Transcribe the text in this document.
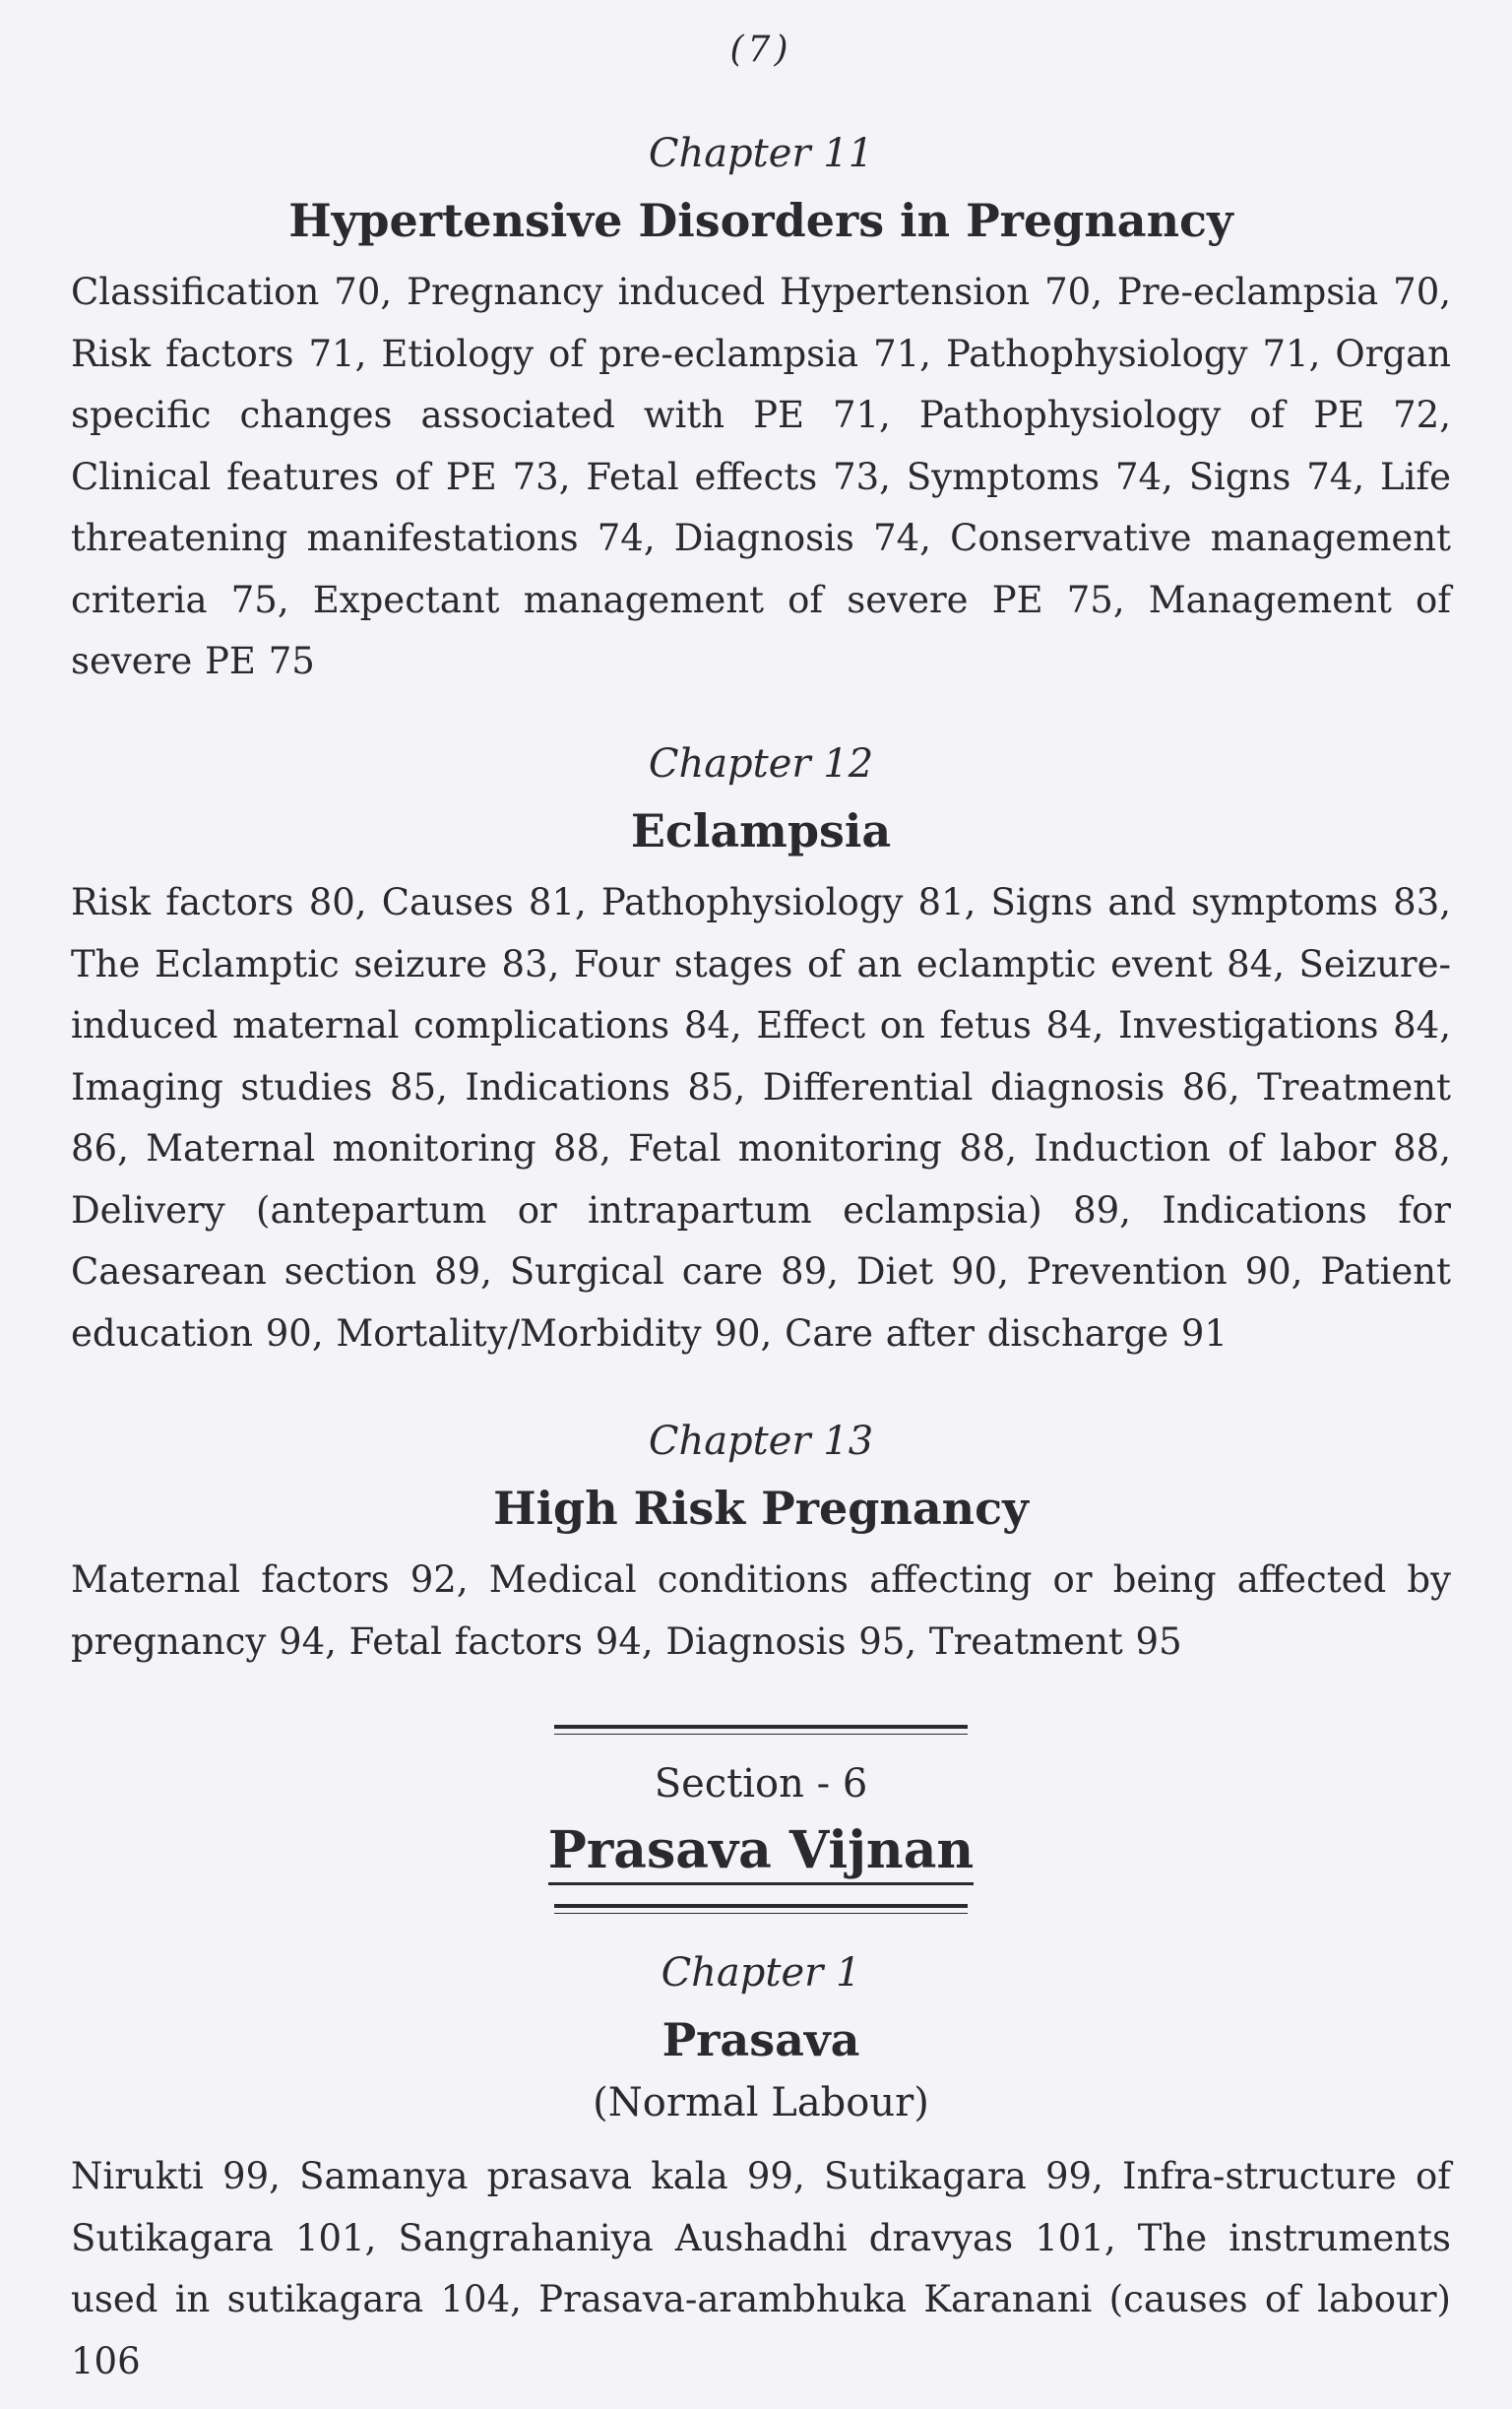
(7)

Chapter 11

Hypertensive Disorders in Pregnancy

Classification 70, Pregnancy induced Hypertension 70, Pre-eclampsia 70, Risk factors 71, Etiology of pre-eclampsia 71, Pathophysiology 71, Organ specific changes associated with PE 71, Pathophysiology of PE 72, Clinical features of PE 73, Fetal effects 73, Symptoms 74, Signs 74, Life threatening manifestations 74, Diagnosis 74, Conservative management criteria 75, Expectant management of severe PE 75, Management of severe PE 75

Chapter 12

Eclampsia

Risk factors 80, Causes 81, Pathophysiology 81, Signs and symptoms 83, The Eclamptic seizure 83, Four stages of an eclamptic event 84, Seizure-induced maternal complications 84, Effect on fetus 84, Investigations 84, Imaging studies 85, Indications 85, Differential diagnosis 86, Treatment 86, Maternal monitoring 88, Fetal monitoring 88, Induction of labor 88, Delivery (antepartum or intrapartum eclampsia) 89, Indications for Caesarean section 89, Surgical care 89, Diet 90, Prevention 90, Patient education 90, Mortality/Morbidity 90, Care after discharge 91

Chapter 13

High Risk Pregnancy

Maternal factors 92, Medical conditions affecting or being affected by pregnancy 94, Fetal factors 94, Diagnosis 95, Treatment 95

Section - 6

Prasava Vijnan

Chapter 1

Prasava

(Normal Labour)

Nirukti 99, Samanya prasava kala 99, Sutikagara 99, Infra-structure of Sutikagara 101, Sangrahaniya Aushadhi dravyas 101, The instruments used in sutikagara 104, Prasava-arambhuka Karanani (causes of labour) 106
